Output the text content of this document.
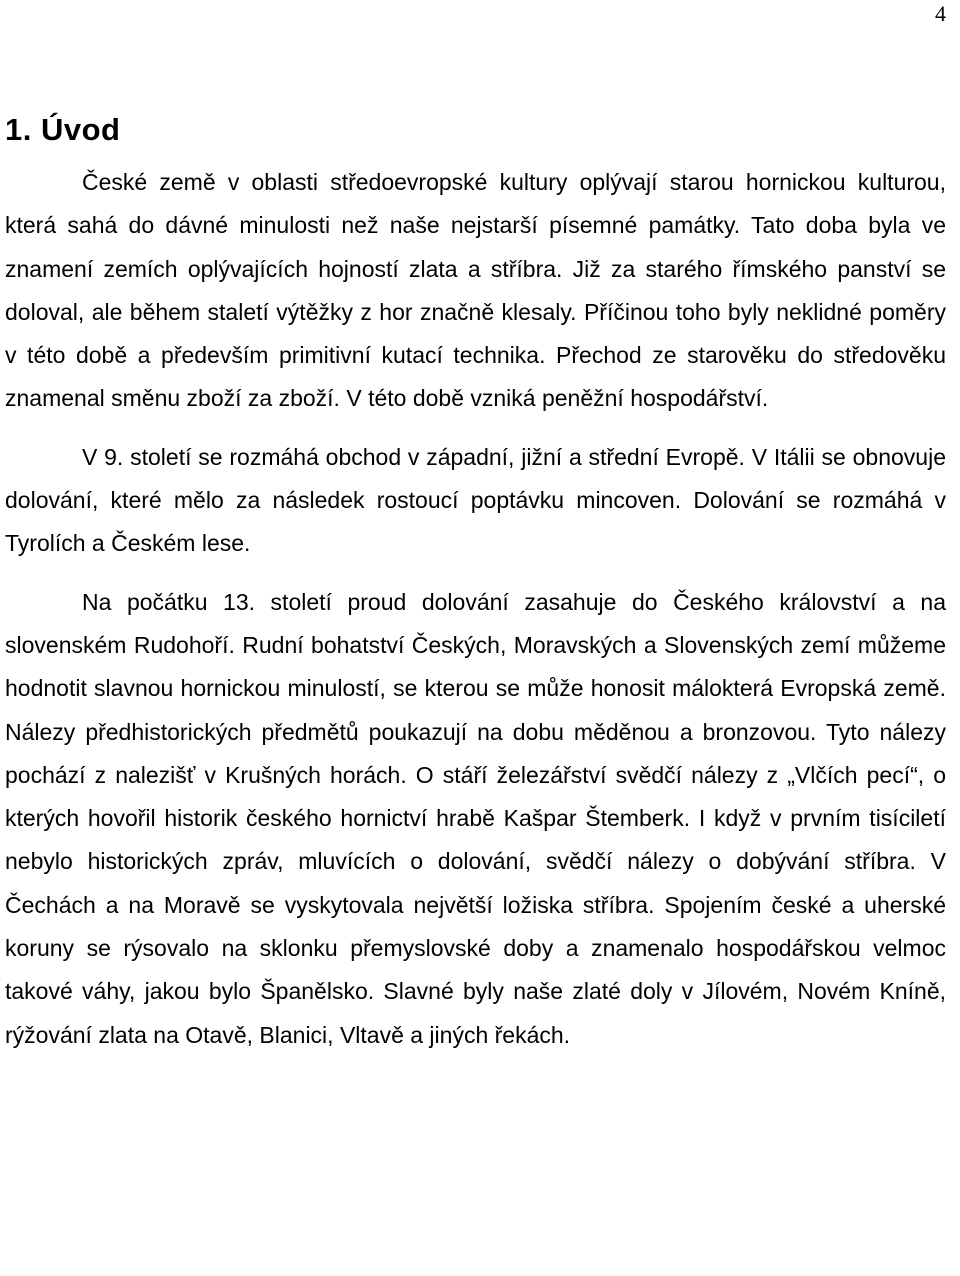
4
1. Úvod

České země v oblasti středoevropské kultury oplývají starou hornickou kulturou, která sahá do dávné minulosti než naše nejstarší písemné památky. Tato doba byla ve znamení zemích oplývajících hojností zlata a stříbra. Již za starého římského panství se doloval, ale během staletí výtěžky z hor značně klesaly. Příčinou toho byly neklidné poměry v této době a především primitivní kutací technika. Přechod ze starověku do středověku znamenal směnu zboží za zboží. V této době vzniká peněžní hospodářství.

V 9. století se rozmáhá obchod v západní, jižní a střední Evropě. V Itálii se obnovuje dolování, které mělo za následek rostoucí poptávku mincoven. Dolování se rozmáhá v Tyrolích a Českém lese.

Na počátku 13. století proud dolování zasahuje do Českého království a na slovenském Rudohoří. Rudní bohatství Českých, Moravských a Slovenských zemí můžeme hodnotit slavnou hornickou minulostí, se kterou se může honosit málokterá Evropská země. Nálezy předhistorických předmětů poukazují na dobu měděnou a bronzovou. Tyto nálezy pochází z nalezišť v Krušných horách. O stáří železářství svědčí nálezy z „Vlčích pecí“, o kterých hovořil historik českého hornictví hrabě Kašpar Štemberk. I když v prvním tisíciletí nebylo historických zpráv, mluvících o dolování, svědčí nálezy o dobývání stříbra. V Čechách a na Moravě se vyskytovala největší ložiska stříbra. Spojením české a uherské koruny se rýsovalo na sklonku přemyslovské doby a znamenalo hospodářskou velmoc takové váhy, jakou bylo Španělsko. Slavné byly naše zlaté doly v Jílovém, Novém Kníně, rýžování zlata na Otavě, Blanici, Vltavě a jiných řekách.
